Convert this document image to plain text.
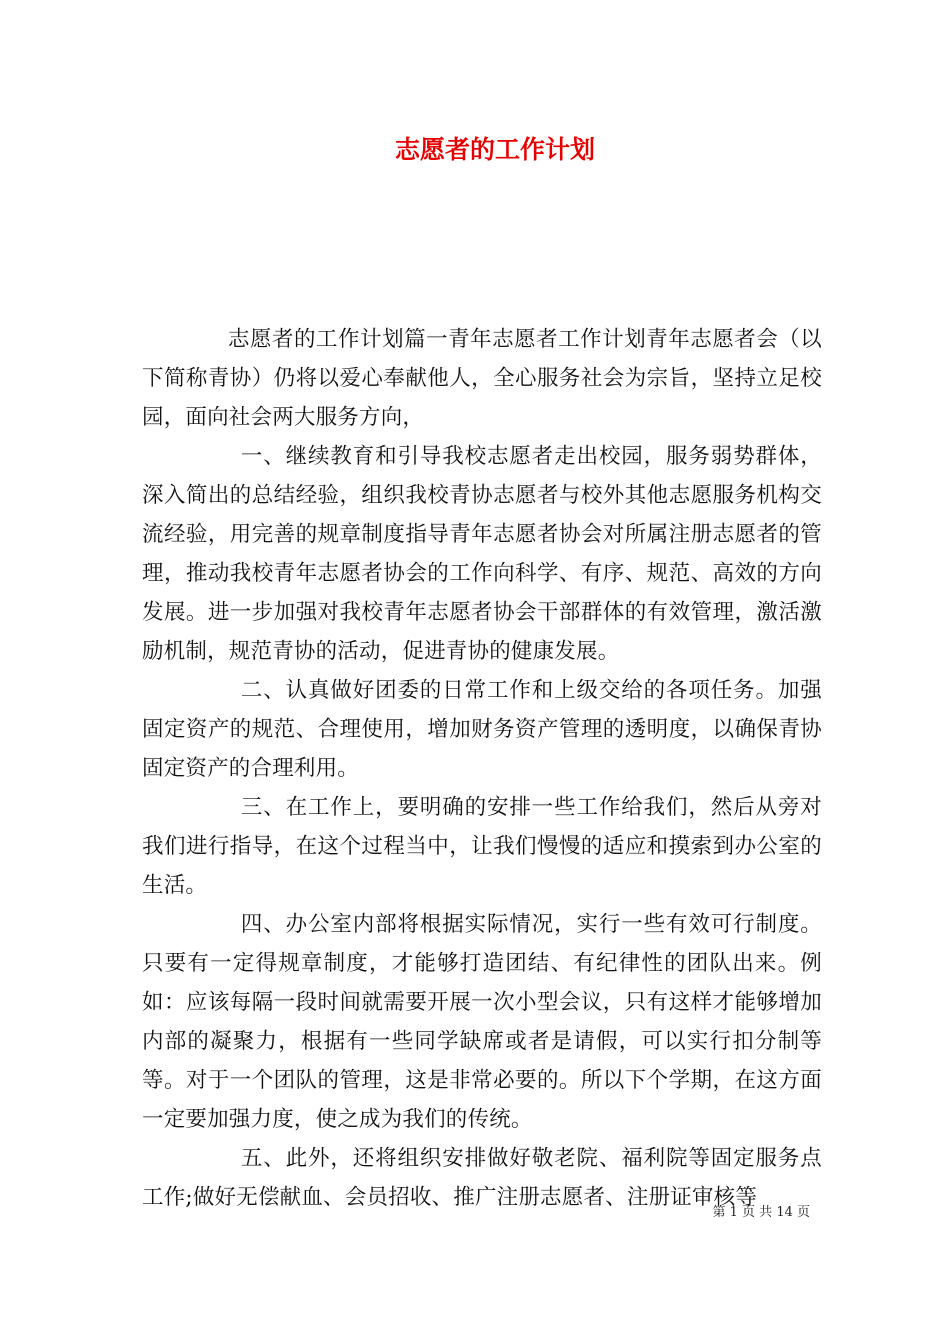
志愿者的工作计划

志愿者的工作计划篇一青年志愿者工作计划青年志愿者会（以下简称青协）仍将以爱心奉献他人，全心服务社会为宗旨，坚持立足校园，面向社会两大服务方向，

一、继续教育和引导我校志愿者走出校园，服务弱势群体，深入简出的总结经验，组织我校青协志愿者与校外其他志愿服务机构交流经验，用完善的规章制度指导青年志愿者协会对所属注册志愿者的管理，推动我校青年志愿者协会的工作向科学、有序、规范、高效的方向发展。进一步加强对我校青年志愿者协会干部群体的有效管理，激活激励机制，规范青协的活动，促进青协的健康发展。

二、认真做好团委的日常工作和上级交给的各项任务。加强固定资产的规范、合理使用，增加财务资产管理的透明度，以确保青协固定资产的合理利用。

三、在工作上，要明确的安排一些工作给我们，然后从旁对我们进行指导，在这个过程当中，让我们慢慢的适应和摸索到办公室的生活。

四、办公室内部将根据实际情况，实行一些有效可行制度。只要有一定得规章制度，才能够打造团结、有纪律性的团队出来。例如：应该每隔一段时间就需要开展一次小型会议，只有这样才能够增加内部的凝聚力，根据有一些同学缺席或者是请假，可以实行扣分制等等。对于一个团队的管理，这是非常必要的。所以下个学期，在这方面一定要加强力度，使之成为我们的传统。

五、此外，还将组织安排做好敬老院、福利院等固定服务点工作;做好无偿献血、会员招收、推广注册志愿者、注册证审核等

第 1 页 共 14 页
